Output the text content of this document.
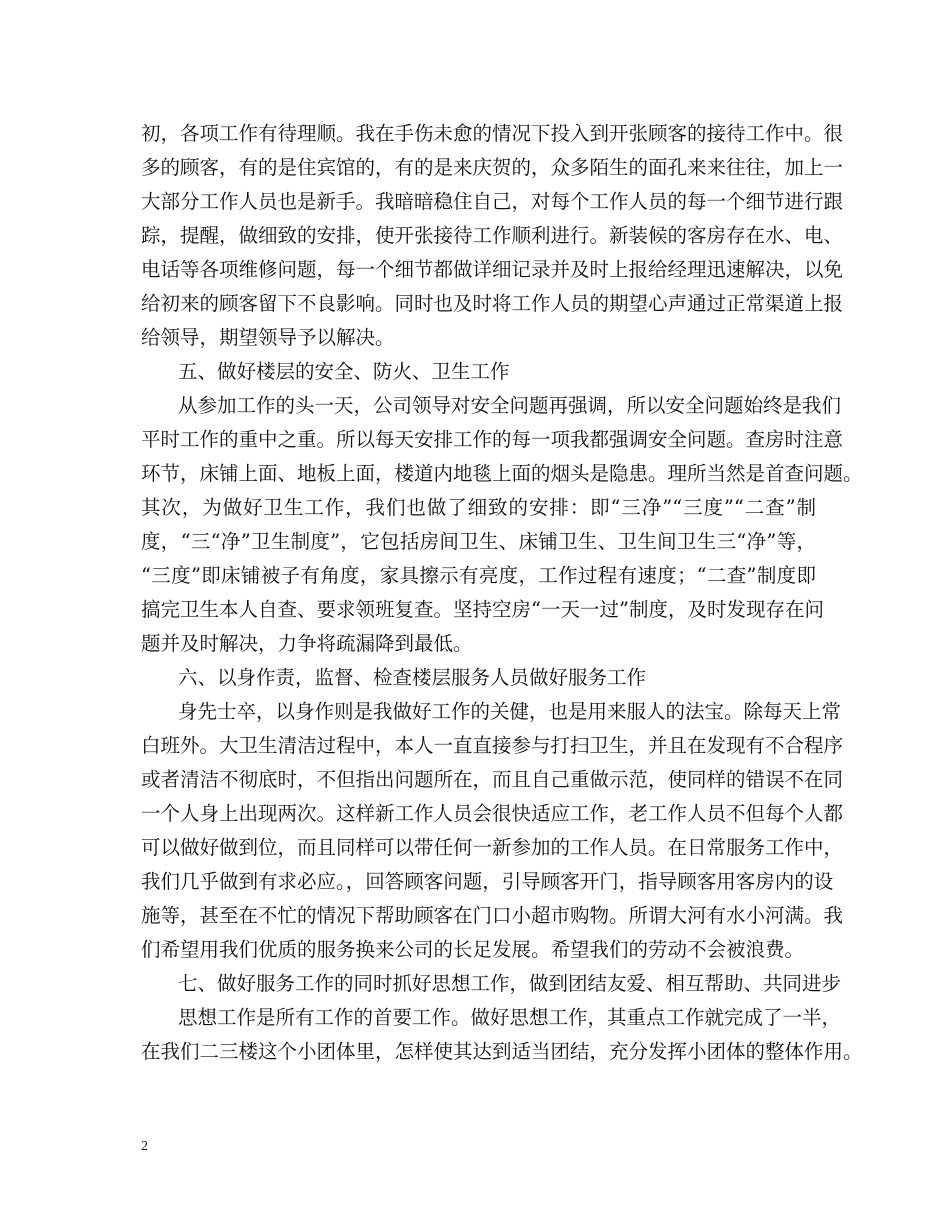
初，各项工作有待理顺。我在手伤未愈的情况下投入到开张顾客的接待工作中。很
多的顾客，有的是住宾馆的，有的是来庆贺的，众多陌生的面孔来来往往，加上一
大部分工作人员也是新手。我暗暗稳住自己，对每个工作人员的每一个细节进行跟
踪，提醒，做细致的安排，使开张接待工作顺利进行。新装候的客房存在水、电、
电话等各项维修问题，每一个细节都做详细记录并及时上报给经理迅速解决，以免
给初来的顾客留下不良影响。同时也及时将工作人员的期望心声通过正常渠道上报
给领导，期望领导予以解决。
五、做好楼层的安全、防火、卫生工作
从参加工作的头一天，公司领导对安全问题再强调，所以安全问题始终是我们
平时工作的重中之重。所以每天安排工作的每一项我都强调安全问题。查房时注意
环节，床铺上面、地板上面，楼道内地毯上面的烟头是隐患。理所当然是首查问题。
其次，为做好卫生工作，我们也做了细致的安排：即“三净”“三度”“二查”制
度，“三“净”卫生制度”，它包括房间卫生、床铺卫生、卫生间卫生三“净”等，
“三度”即床铺被子有角度，家具擦示有亮度，工作过程有速度；“二查”制度即
搞完卫生本人自查、要求领班复查。坚持空房“一天一过”制度，及时发现存在问
题并及时解决，力争将疏漏降到最低。
六、以身作责，监督、检查楼层服务人员做好服务工作
身先士卒，以身作则是我做好工作的关健，也是用来服人的法宝。除每天上常
白班外。大卫生清洁过程中，本人一直直接参与打扫卫生，并且在发现有不合程序
或者清洁不彻底时，不但指出问题所在，而且自己重做示范，使同样的错误不在同
一个人身上出现两次。这样新工作人员会很快适应工作，老工作人员不但每个人都
可以做好做到位，而且同样可以带任何一新参加的工作人员。在日常服务工作中，
我们几乎做到有求必应。，回答顾客问题，引导顾客开门，指导顾客用客房内的设
施等，甚至在不忙的情况下帮助顾客在门口小超市购物。所谓大河有水小河满。我
们希望用我们优质的服务换来公司的长足发展。希望我们的劳动不会被浪费。
七、做好服务工作的同时抓好思想工作，做到团结友爱、相互帮助、共同进步
思想工作是所有工作的首要工作。做好思想工作，其重点工作就完成了一半，
在我们二三楼这个小团体里，怎样使其达到适当团结，充分发挥小团体的整体作用。
2
